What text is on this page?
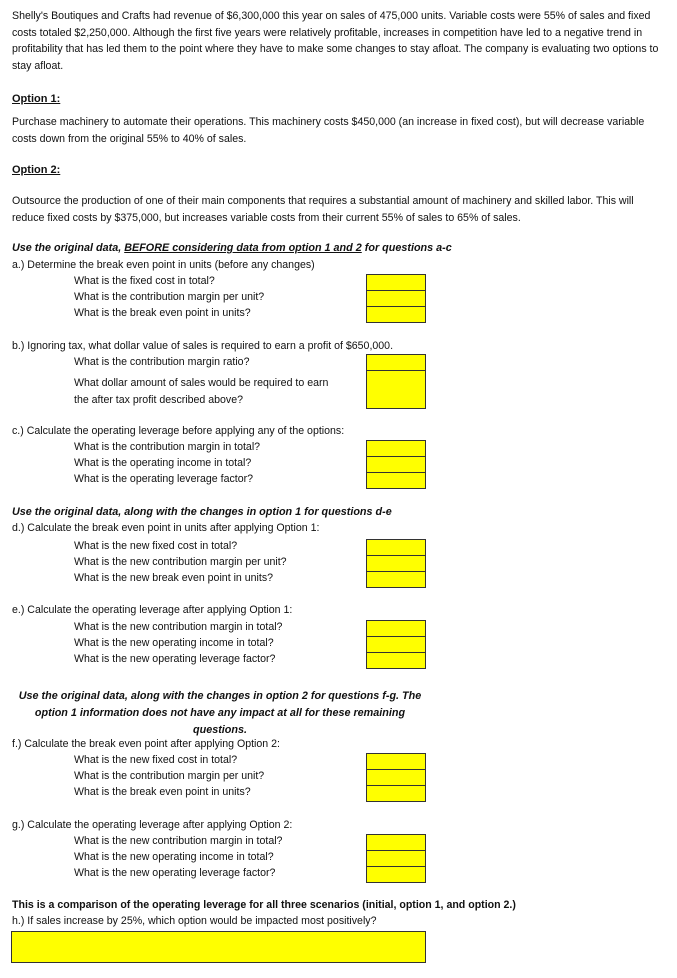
Shelly's Boutiques and Crafts had revenue of $6,300,000 this year on sales of 475,000 units. Variable costs were 55% of sales and fixed costs totaled $2,250,000. Although the first five years were relatively profitable, increases in competition have led to a negative trend in profitability that has led them to the point where they have to make some changes to stay afloat. The company is evaluating two options to stay afloat.
Option 1:
Purchase machinery to automate their operations. This machinery costs $450,000 (an increase in fixed cost), but will decrease variable costs down from the original 55% to 40% of sales.
Option 2:
Outsource the production of one of their main components that requires a substantial amount of machinery and skilled labor. This will reduce fixed costs by $375,000, but increases variable costs from their current 55% of sales to 65% of sales.
Use the original data, BEFORE considering data from option 1 and 2 for questions a-c
a.) Determine the break even point in units (before any changes)
What is the fixed cost in total?
What is the contribution margin per unit?
What is the break even point in units?
b.) Ignoring tax, what dollar value of sales is required to earn a profit of $650,000.
What is the contribution margin ratio?
What dollar amount of sales would be required to earn
the after tax profit described above?
c.) Calculate the operating leverage before applying any of the options:
What is the contribution margin in total?
What is the operating income in total?
What is the operating leverage factor?
Use the original data, along with the changes in option 1 for questions d-e
d.) Calculate the break even point in units after applying Option 1:
What is the new fixed cost in total?
What is the new contribution margin per unit?
What is the new break even point in units?
e.) Calculate the operating leverage after applying Option 1:
What is the new contribution margin in total?
What is the new operating income in total?
What is the new operating leverage factor?
Use the original data, along with the changes in option 2 for questions f-g. The
option 1 information does not have any impact at all for these remaining
questions.
f.) Calculate the break even point after applying Option 2:
What is the new fixed cost in total?
What is the contribution margin per unit?
What is the break even point in units?
g.) Calculate the operating leverage after applying Option 2:
What is the new contribution margin in total?
What is the new operating income in total?
What is the new operating leverage factor?
This is a comparison of the operating leverage for all three scenarios (initial, option 1, and option 2.)
h.) If sales increase by 25%, which option would be impacted most positively?
